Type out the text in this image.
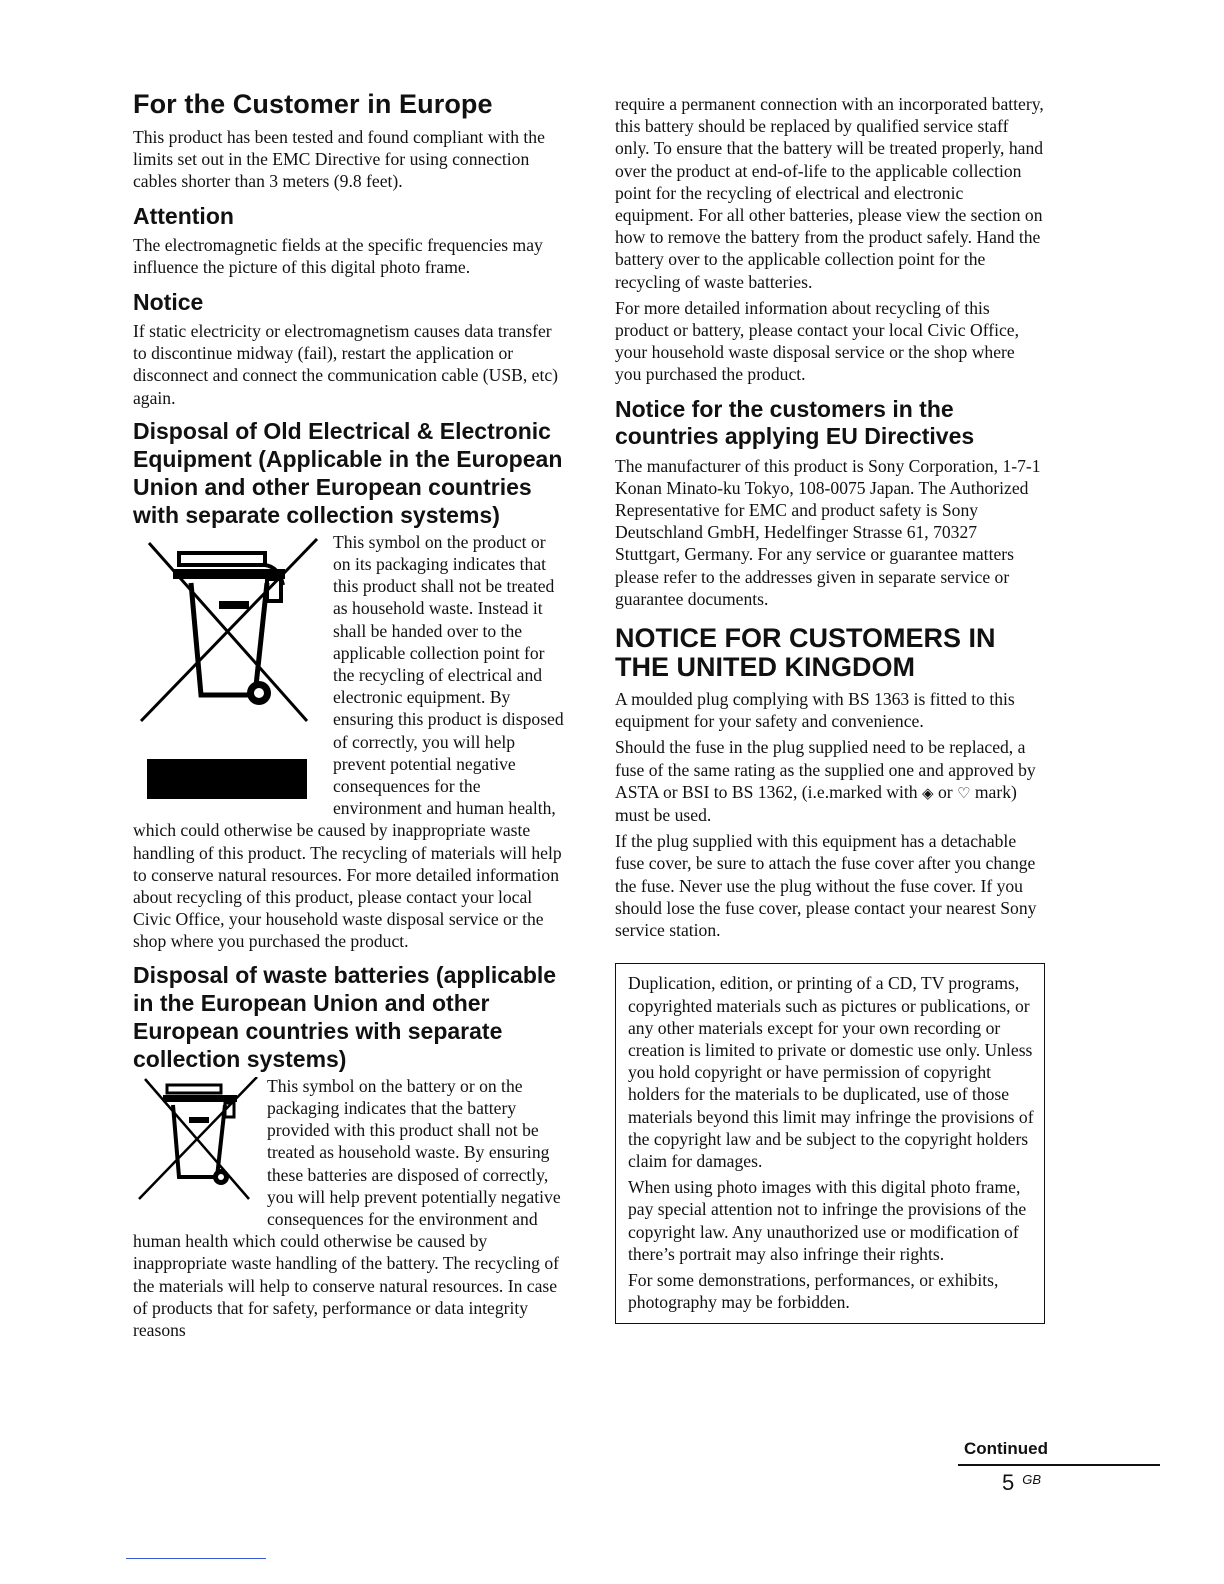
For the Customer in Europe

This product has been tested and found compliant with the limits set out in the EMC Directive for using connection cables shorter than 3 meters (9.8 feet).

Attention

The electromagnetic fields at the specific frequencies may influence the picture of this digital photo frame.

Notice

If static electricity or electromagnetism causes data transfer to discontinue midway (fail), restart the application or disconnect and connect the communication cable (USB, etc) again.

Disposal of Old Electrical & Electronic Equipment (Applicable in the European Union and other European countries with separate collection systems)

This symbol on the product or on its packaging indicates that this product shall not be treated as household waste. Instead it shall be handed over to the applicable collection point for the recycling of electrical and electronic equipment. By ensuring this product is disposed of correctly, you will help prevent potential negative consequences for the environment and human health, which could otherwise be caused by inappropriate waste handling of this product. The recycling of materials will help to conserve natural resources. For more detailed information about recycling of this product, please contact your local Civic Office, your household waste disposal service or the shop where you purchased the product.

Disposal of waste batteries (applicable in the European Union and other European countries with separate collection systems)

This symbol on the battery or on the packaging indicates that the battery provided with this product shall not be treated as household waste. By ensuring these batteries are disposed of correctly, you will help prevent potentially negative consequences for the environment and human health which could otherwise be caused by inappropriate waste handling of the battery. The recycling of the materials will help to conserve natural resources. In case of products that for safety, performance or data integrity reasons

require a permanent connection with an incorporated battery, this battery should be replaced by qualified service staff only. To ensure that the battery will be treated properly, hand over the product at end-of-life to the applicable collection point for the recycling of electrical and electronic equipment. For all other batteries, please view the section on how to remove the battery from the product safely. Hand the battery over to the applicable collection point for the recycling of waste batteries.

For more detailed information about recycling of this product or battery, please contact your local Civic Office, your household waste disposal service or the shop where you purchased the product.

Notice for the customers in the countries applying EU Directives

The manufacturer of this product is Sony Corporation, 1-7-1 Konan Minato-ku Tokyo, 108-0075 Japan. The Authorized Representative for EMC and product safety is Sony Deutschland GmbH, Hedelfinger Strasse 61, 70327 Stuttgart, Germany. For any service or guarantee matters please refer to the addresses given in separate service or guarantee documents.

NOTICE FOR CUSTOMERS IN THE UNITED KINGDOM

A moulded plug complying with BS 1363 is fitted to this equipment for your safety and convenience.

Should the fuse in the plug supplied need to be replaced, a fuse of the same rating as the supplied one and approved by ASTA or BSI to BS 1362, (i.e.marked with ◈ or ♡ mark) must be used.

If the plug supplied with this equipment has a detachable fuse cover, be sure to attach the fuse cover after you change the fuse. Never use the plug without the fuse cover. If you should lose the fuse cover, please contact your nearest Sony service station.

Duplication, edition, or printing of a CD, TV programs, copyrighted materials such as pictures or publications, or any other materials except for your own recording or creation is limited to private or domestic use only. Unless you hold copyright or have permission of copyright holders for the materials to be duplicated, use of those materials beyond this limit may infringe the provisions of the copyright law and be subject to the copyright holders claim for damages.

When using photo images with this digital photo frame, pay special attention not to infringe the provisions of the copyright law. Any unauthorized use or modification of there’s portrait may also infringe their rights.

For some demonstrations, performances, or exhibits, photography may be forbidden.

Continued

5 $^{GB}$
